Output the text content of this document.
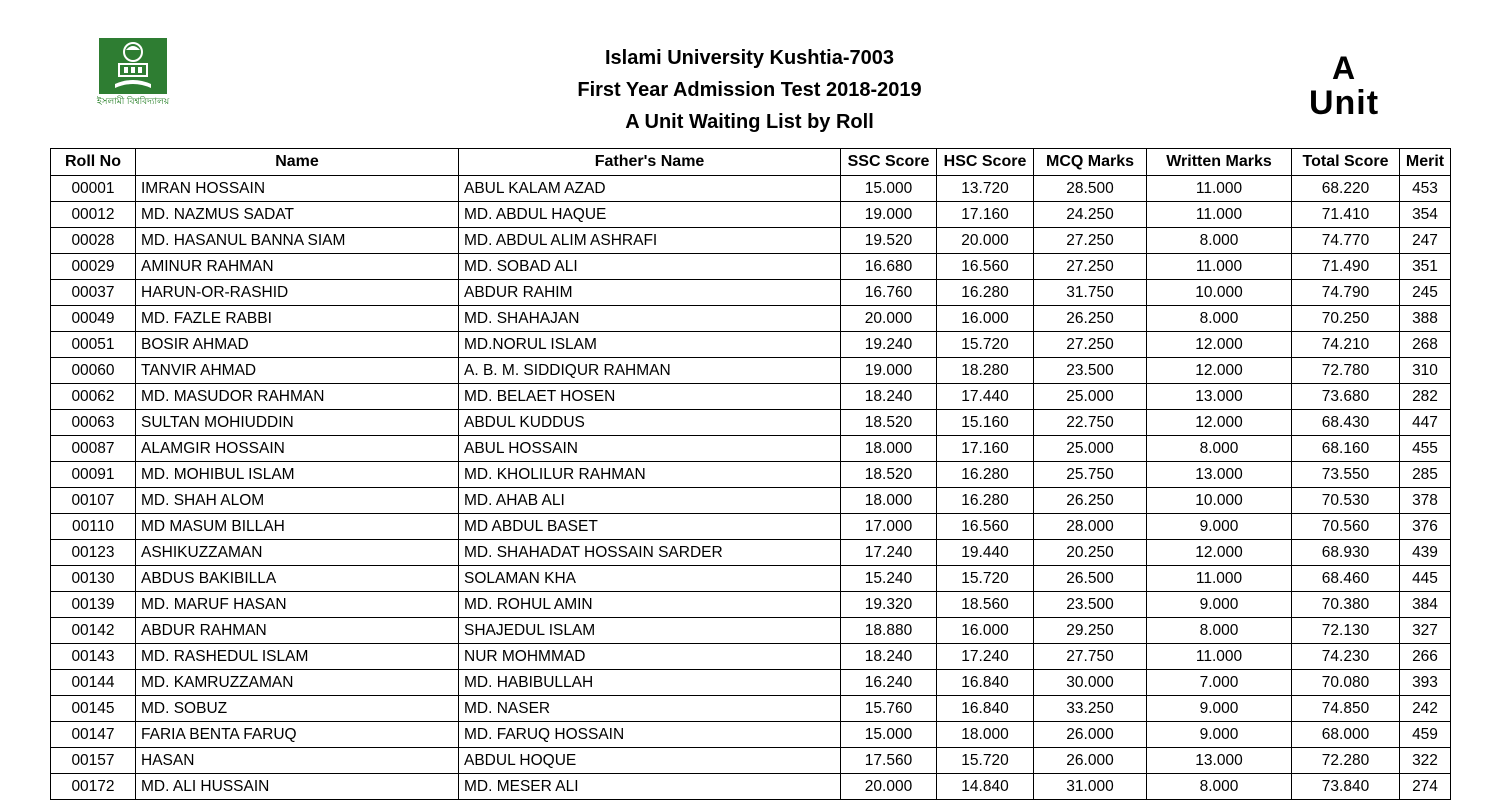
ইসলামী বিশ্ববিদ্যালয়
Islami University Kushtia-7003
First Year Admission Test 2018-2019
A Unit Waiting List by Roll
A
Unit
Roll No	Name	Father's Name	SSC Score	HSC Score	MCQ Marks	Written Marks	Total Score	Merit
00001	IMRAN HOSSAIN	ABUL KALAM AZAD	15.000	13.720	28.500	11.000	68.220	453
00012	MD. NAZMUS SADAT	MD. ABDUL HAQUE	19.000	17.160	24.250	11.000	71.410	354
00028	MD. HASANUL BANNA SIAM	MD. ABDUL ALIM ASHRAFI	19.520	20.000	27.250	8.000	74.770	247
00029	AMINUR RAHMAN	MD. SOBAD ALI	16.680	16.560	27.250	11.000	71.490	351
00037	HARUN-OR-RASHID	ABDUR RAHIM	16.760	16.280	31.750	10.000	74.790	245
00049	MD. FAZLE RABBI	MD. SHAHAJAN	20.000	16.000	26.250	8.000	70.250	388
00051	BOSIR AHMAD	MD.NORUL ISLAM	19.240	15.720	27.250	12.000	74.210	268
00060	TANVIR AHMAD	A. B. M. SIDDIQUR RAHMAN	19.000	18.280	23.500	12.000	72.780	310
00062	MD. MASUDOR RAHMAN	MD. BELAET HOSEN	18.240	17.440	25.000	13.000	73.680	282
00063	SULTAN MOHIUDDIN	ABDUL KUDDUS	18.520	15.160	22.750	12.000	68.430	447
00087	ALAMGIR HOSSAIN	ABUL HOSSAIN	18.000	17.160	25.000	8.000	68.160	455
00091	MD. MOHIBUL ISLAM	MD. KHOLILUR RAHMAN	18.520	16.280	25.750	13.000	73.550	285
00107	MD. SHAH ALOM	MD. AHAB ALI	18.000	16.280	26.250	10.000	70.530	378
00110	MD MASUM BILLAH	MD ABDUL BASET	17.000	16.560	28.000	9.000	70.560	376
00123	ASHIKUZZAMAN	MD. SHAHADAT HOSSAIN SARDER	17.240	19.440	20.250	12.000	68.930	439
00130	ABDUS BAKIBILLA	SOLAMAN KHA	15.240	15.720	26.500	11.000	68.460	445
00139	MD. MARUF HASAN	MD. ROHUL AMIN	19.320	18.560	23.500	9.000	70.380	384
00142	ABDUR RAHMAN	SHAJEDUL ISLAM	18.880	16.000	29.250	8.000	72.130	327
00143	MD. RASHEDUL ISLAM	NUR MOHMMAD	18.240	17.240	27.750	11.000	74.230	266
00144	MD. KAMRUZZAMAN	MD. HABIBULLAH	16.240	16.840	30.000	7.000	70.080	393
00145	MD. SOBUZ	MD. NASER	15.760	16.840	33.250	9.000	74.850	242
00147	FARIA BENTA FARUQ	MD. FARUQ HOSSAIN	15.000	18.000	26.000	9.000	68.000	459
00157	HASAN	ABDUL HOQUE	17.560	15.720	26.000	13.000	72.280	322
00172	MD. ALI HUSSAIN	MD. MESER ALI	20.000	14.840	31.000	8.000	73.840	274
